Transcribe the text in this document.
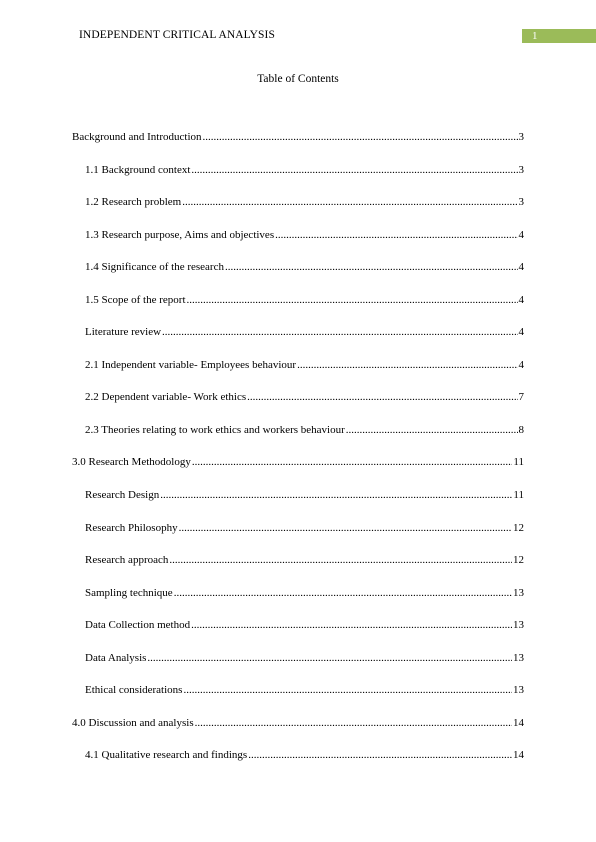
INDEPENDENT CRITICAL ANALYSIS	1
Table of Contents
Background and Introduction .....	3
1.1 Background context .....	3
1.2 Research problem .....	3
1.3 Research purpose, Aims and objectives .....	4
1.4 Significance of the research .....	4
1.5 Scope of the report .....	4
Literature review .....	4
2.1 Independent variable- Employees behaviour .....	4
2.2 Dependent variable- Work ethics .....	7
2.3 Theories relating to work ethics and workers behaviour .....	8
3.0 Research Methodology .....	11
Research Design .....	11
Research Philosophy .....	12
Research approach .....	12
Sampling technique .....	13
Data Collection method .....	13
Data Analysis .....	13
Ethical considerations .....	13
4.0 Discussion and analysis .....	14
4.1 Qualitative research and findings .....	14
